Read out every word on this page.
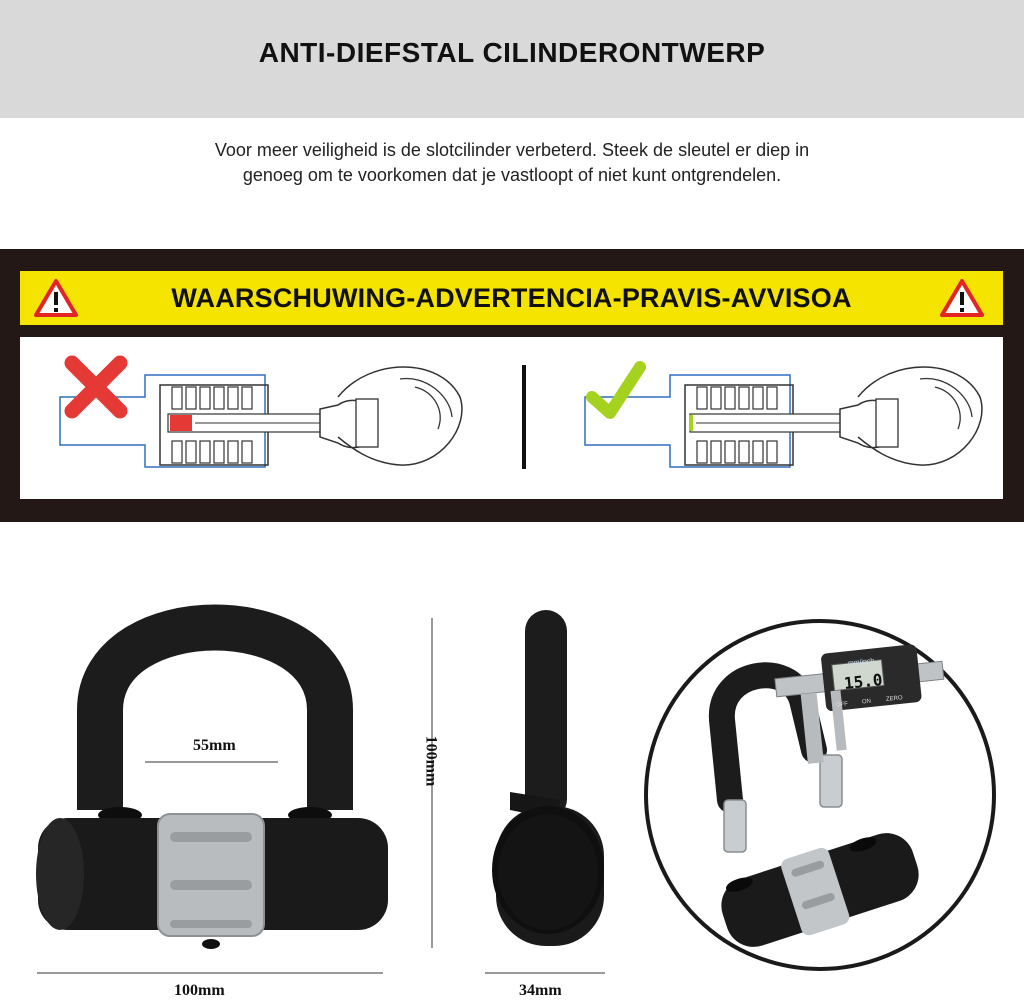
ANTI-DIEFSTAL CILINDERONTWERP
Voor meer veiligheid is de slotcilinder verbeterd. Steek de sleutel er diep in
genoeg om te voorkomen dat je vastloopt of niet kunt ontgrendelen.
WAARSCHUWING-ADVERTENCIA-PRAVIS-AVVISOA
55mm
100mm	34mm
100mm
mm/inch
15.0
OFF ON ZERO
